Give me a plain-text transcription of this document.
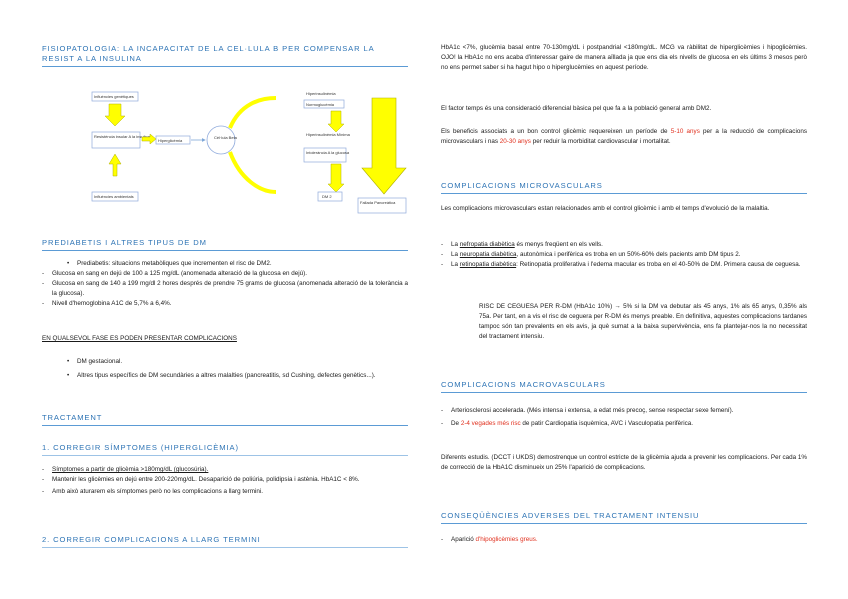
FISIOPATOLOGIA: LA INCAPACITAT DE LA CEL·LULA B PER COMPENSAR LA RESIST A LA INSULINA

Influències genètiques
Resistència insular A la insulina
Influències ambientals
Hiperglicèmia
Cèl·lula Beta
Hiperinsulinèmia
Normoglucèmia
Hiperinsulinèmia Mínima
Intolerància A la glucosa
DM 2
Fallada Pancreàtica

PREDIABETIS I ALTRES TIPUS DE DM

• Prediabetis: situacions metabòliques que incrementen el risc de DM2.
- Glucosa en sang en dejú de 100 a 125 mg/dL (anomenada alteració de la glucosa en dejú).
- Glucosa en sang de 140 a 199 mg/dl 2 hores després de prendre 75 grams de glucosa (anomenada alteració de la tolerància a la glucosa).
- Nivell d'hemoglobina A1C de 5,7% a 6,4%.

EN QUALSEVOL FASE ES PODEN PRESENTAR COMPLICACIONS

• DM gestacional.
• Altres tipus específics de DM secundàries a altres malalties (pancreatitis, sd Cushing, defectes genètics...).

TRACTAMENT

1. CORREGIR SÍMPTOMES (HIPERGLICÈMIA)

- Símptomes a partir de glicèmia >180mg/dL (glucosúria).
- Mantenir les glicèmies en dejú entre 200-220mg/dL. Desaparició de poliúria, polidipsia i astènia. HbA1C < 8%.
- Amb això aturarem els símptomes però no les complicacions a llarg termini.

2. CORREGIR COMPLICACIONS A LLARG TERMINI

HbA1c <7%, glucèmia basal entre 70-130mg/dL i postpandrial <180mg/dL. MCG va ràbilitat de hiperglicèmies i hipoglicèmies. OJO! la HbA1c no ens acaba d'interessar gaire de manera aïllada ja que ens dia els nivells de glucosa en els últims 3 mesos però no ens permet saber si ha hagut hipo o hiperglucèmies en aquest període.

El factor temps és una consideració diferencial bàsica pel que fa a la població general amb DM2.

Els beneficis associats a un bon control glicèmic requereixen un període de 5-10 anys per a la reducció de complicacions microvasculars i nas 20-30 anys per reduir la morbiditat cardiovascular i mortalitat.

COMPLICACIONS MICROVASCULARS

Les complicacions microvasculars estan relacionades amb el control glicèmic i amb el temps d'evolució de la malaltia.

- La nefropatia diabètica és menys freqüent en els vells.
- La neuropatia diabètica, autonòmica i perifèrica es troba en un 50%-60% dels pacients amb DM tipus 2.
- La retinopatia diabètica: Retinopatia proliferativa i l'edema macular es troba en el 40-50% de DM. Primera causa de ceguesa.

RISC DE CEGUESA PER R-DM (HbA1c 10%) → 5% si la DM va debutar als 45 anys, 1% als 65 anys, 0,35% als 75a. Per tant, en a vis el risc de ceguera per R-DM és menys preable. En definitiva, aquestes complicacions tardanes tampoc són tan prevalents en els avis, ja què sumat a la baixa supervivència, ens fa plantejar-nos la no necessitat del tractament intensiu.

COMPLICACIONS MACROVASCULARS

- Arteriosclerosi accelerada. (Més intensa i extensa, a edat més precoç, sense respectar sexe femení).
- De 2-4 vegades més risc de patir Cardiopatia isquèmica, AVC i Vasculopatia perifèrica.

Diferents estudis. (DCCT i UKDS) demostrenque un control estricte de la glicèmia ajuda a prevenir les complicacions. Per cada 1% de correcció de la HbA1C disminueix un 25% l'aparició de complicacions.

CONSEQÜÈNCIES ADVERSES DEL TRACTAMENT INTENSIU

- Aparició d'hipoglicèmies greus.
